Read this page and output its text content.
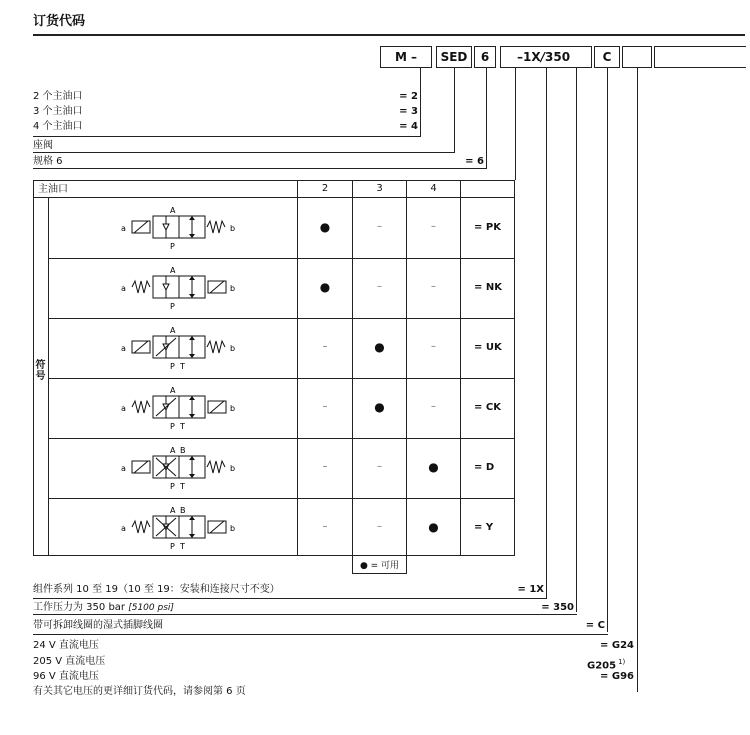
订货代码
M –	SED	6	–1X/350	C
2 个主油口	= 2
3 个主油口	= 3
4 个主油口	= 4
座阀
规格 6	= 6
主油口	2	3	4
符号
●	–	–	= PK
a	b
A
P
●	–	–	= NK
a	b
A
P
–	●	–	= UK
a	b
A
P T
–	●	–	= CK
a	b
A
P T
–	–	●	= D
a	b
A
P T
B
–	–	●	= Y
a	b
A
P T
B
● = 可用
组件系列 10 至 19（10 至 19：安装和连接尺寸不变）	= 1X
工作压力为 350 bar [5100 psi]	= 350
带可拆卸线圈的湿式插脚线圈	= C
24 V 直流电压	= G24
205 V 直流电压	G205 $^{1)}$
96 V 直流电压	= G96
有关其它电压的更详细订货代码，请参阅第 6 页
